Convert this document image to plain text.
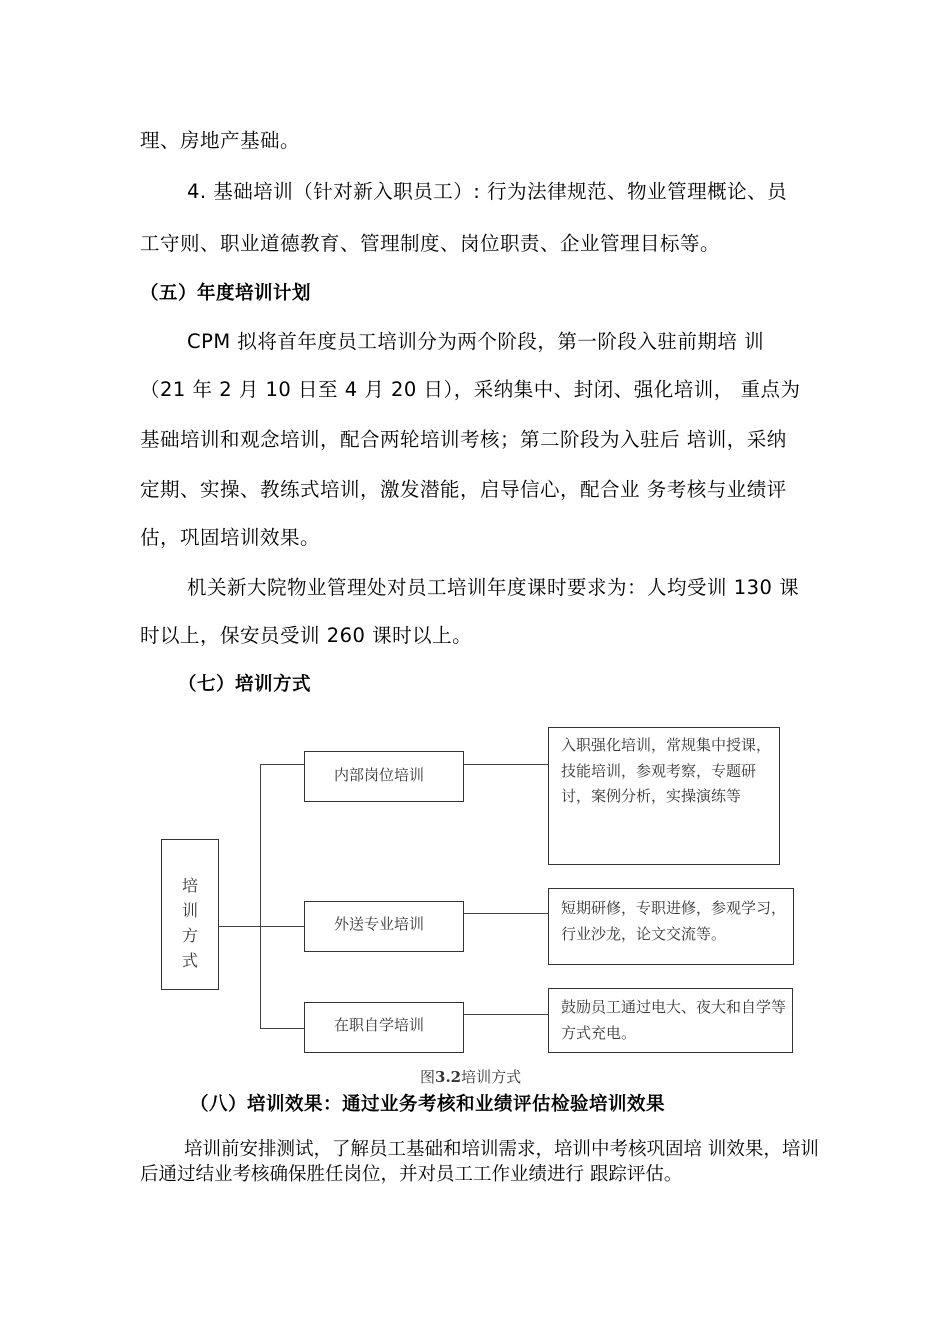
理、房地产基础。
4. 基础培训（针对新入职员工）: 行为法律规范、物业管理概论、员
工守则、职业道德教育、管理制度、岗位职责、企业管理目标等。
（五）年度培训计划
CPM 拟将首年度员工培训分为两个阶段，第一阶段入驻前期培 训
（21 年 2 月 10 日至 4 月 20 日），采纳集中、封闭、强化培训， 重点为
基础培训和观念培训，配合两轮培训考核；第二阶段为入驻后 培训，采纳
定期、实操、教练式培训，激发潜能，启导信心，配合业 务考核与业绩评
估，巩固培训效果。
机关新大院物业管理处对员工培训年度课时要求为：人均受训 130 课
时以上，保安员受训 260 课时以上。
（七）培训方式
培
训
方
式
内部岗位培训
入职强化培训，常规集中授课，技能培训，参观考察，专题研讨，案例分析，实操演练等
外送专业培训
短期研修，专职进修，参观学习，行业沙龙，论文交流等。
在职自学培训
鼓励员工通过电大、夜大和自学等方式充电。
图3.2培训方式
（八）培训效果：通过业务考核和业绩评估检验培训效果
培训前安排测试，了解员工基础和培训需求，培训中考核巩固培 训效果，培训后通过结业考核确保胜任岗位，并对员工工作业绩进行 跟踪评估。
